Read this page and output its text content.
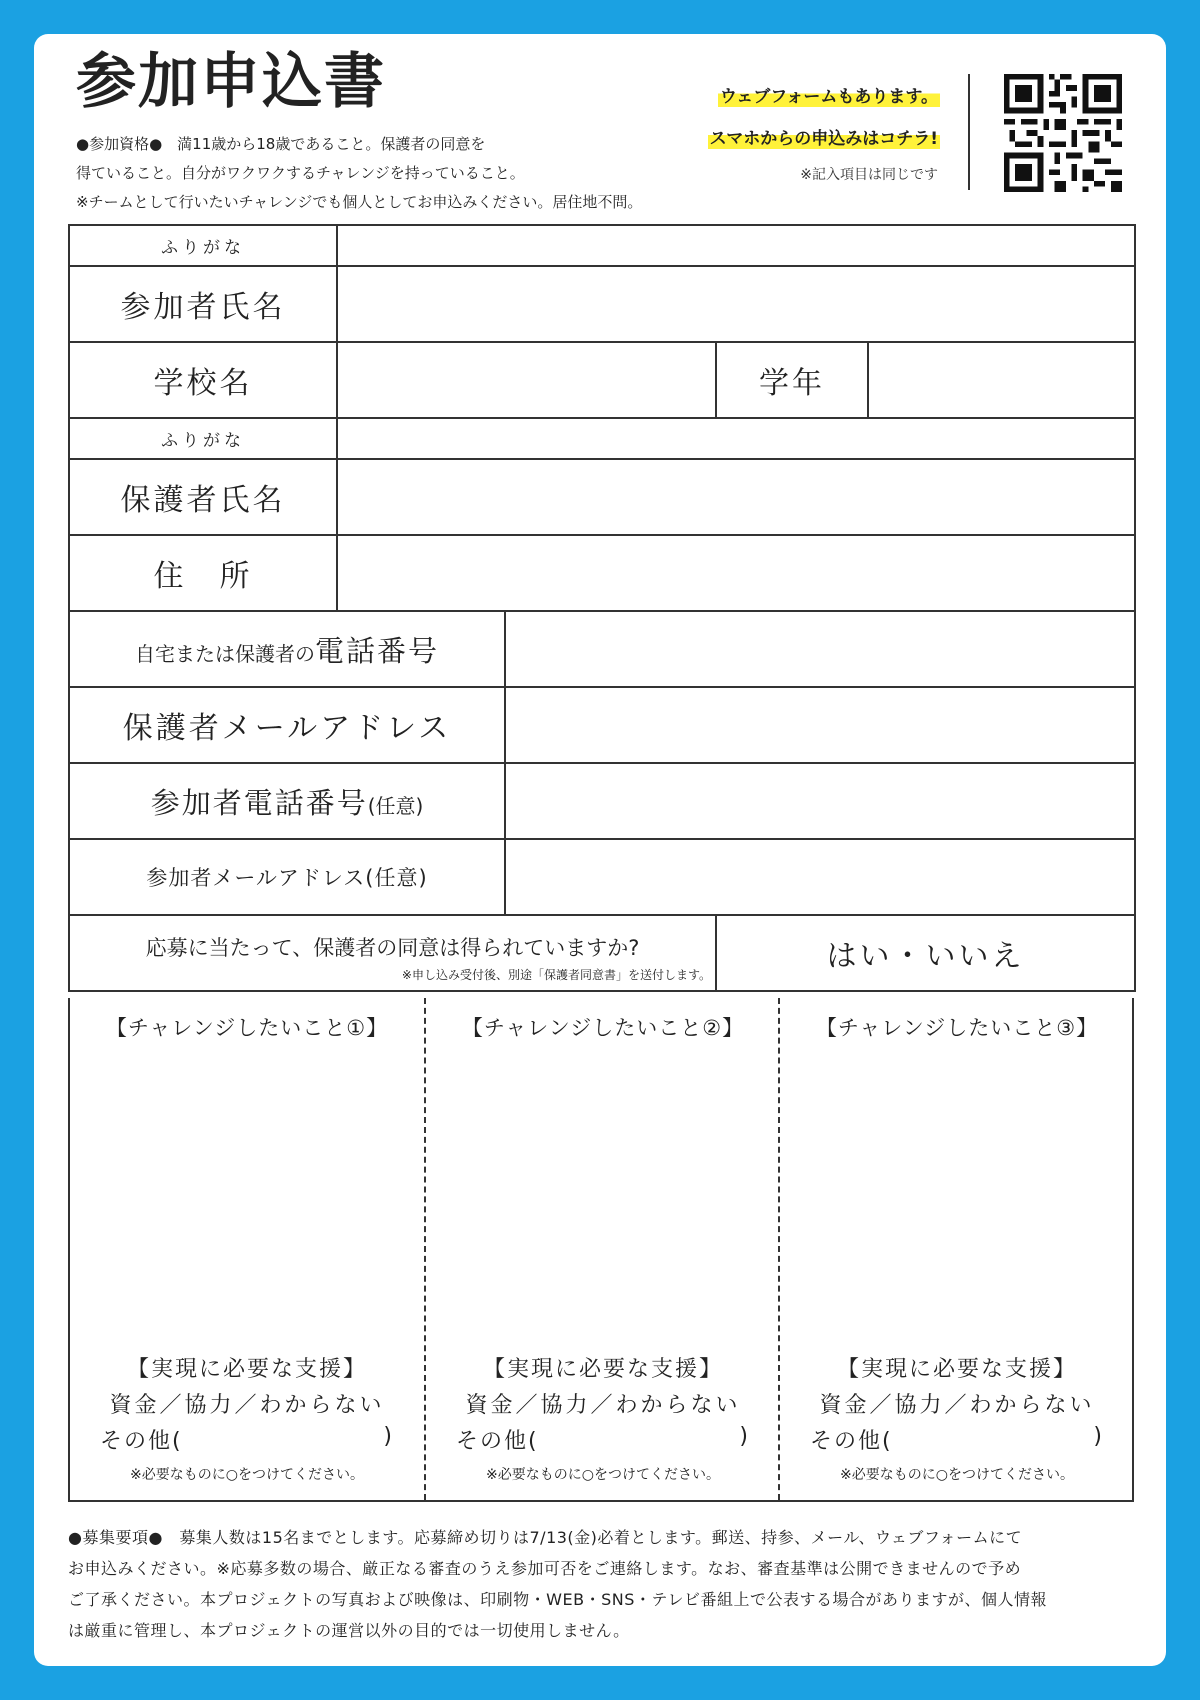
参加申込書
●参加資格●　満11歳から18歳であること。保護者の同意を
得ていること。自分がワクワクするチャレンジを持っていること。
※チームとして行いたいチャレンジでも個人としてお申込みください。居住地不問。
ウェブフォームもあります。
スマホからの申込みはコチラ!
※記入項目は同じです
ふりがな				
参加者氏名				
学校名			学年	
ふりがな				
保護者氏名				
住　所				
自宅または保護者の電話番号				
保護者メールアドレス				
参加者電話番号(任意)				
参加者メールアドレス(任意)				

応募に当たって、保護者の同意は得られていますか?
※申し込み受付後、別途「保護者同意書」を送付します。			はい・いいえ	
【チャレンジしたいこと①】
【実現に必要な支援】
資金／協力／わからない
その他(	)
※必要なものに○をつけてください。
【チャレンジしたいこと②】
【実現に必要な支援】
資金／協力／わからない
その他(	)
※必要なものに○をつけてください。
【チャレンジしたいこと③】
【実現に必要な支援】
資金／協力／わからない
その他(	)
※必要なものに○をつけてください。
●募集要項●　募集人数は15名までとします。応募締め切りは7/13(金)必着とします。郵送、持参、メール、ウェブフォームにて
お申込みください。※応募多数の場合、厳正なる審査のうえ参加可否をご連絡します。なお、審査基準は公開できませんので予め
ご了承ください。本プロジェクトの写真および映像は、印刷物・WEB・SNS・テレビ番組上で公表する場合がありますが、個人情報
は厳重に管理し、本プロジェクトの運営以外の目的では一切使用しません。
